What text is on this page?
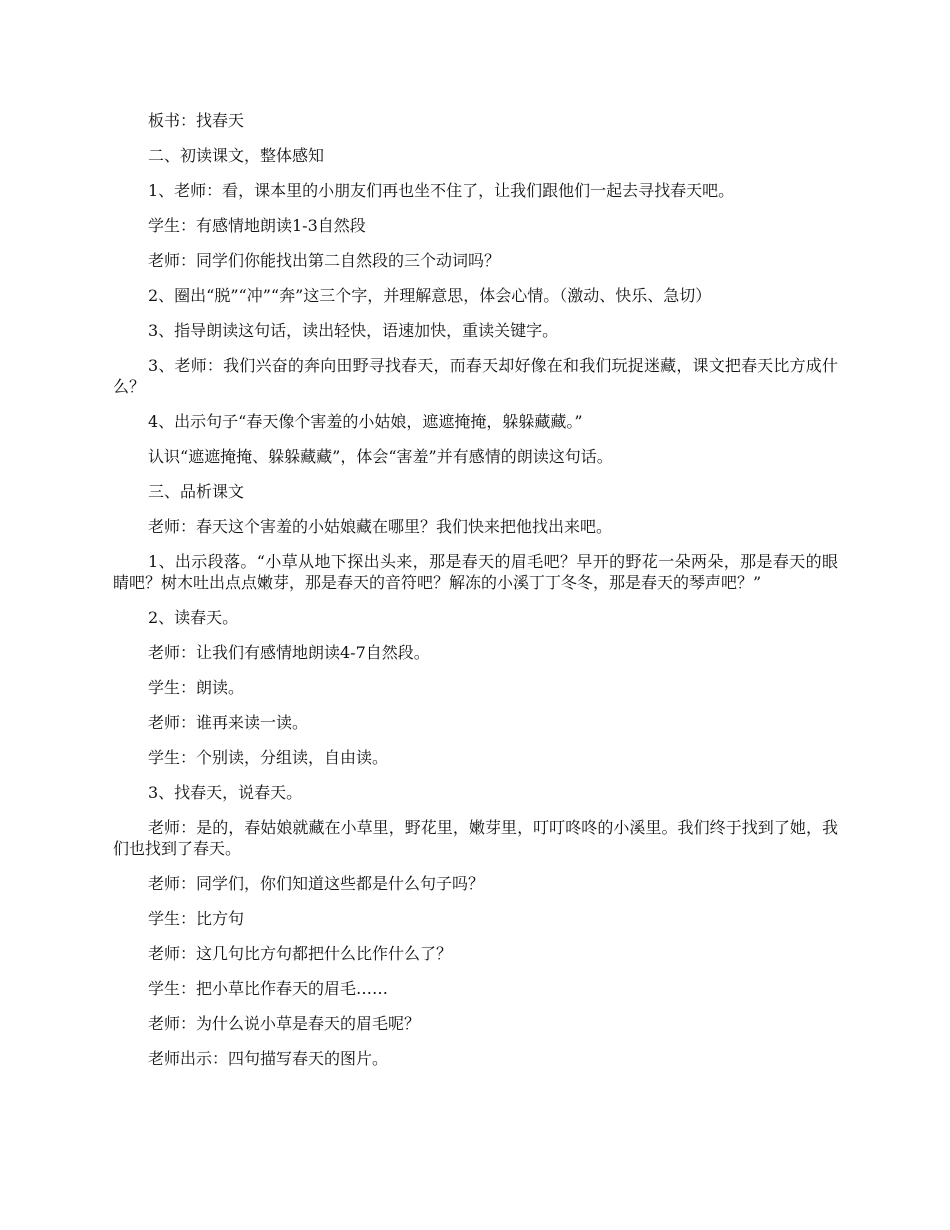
板书：找春天

二、初读课文，整体感知

1、老师：看，课本里的小朋友们再也坐不住了，让我们跟他们一起去寻找春天吧。

学生：有感情地朗读1-3自然段

老师：同学们你能找出第二自然段的三个动词吗？

2、圈出“脱”“冲”“奔”这三个字，并理解意思，体会心情。（激动、快乐、急切）

3、指导朗读这句话，读出轻快，语速加快，重读关键字。

3、老师：我们兴奋的奔向田野寻找春天，而春天却好像在和我们玩捉迷藏，课文把春天比方成什么？

4、出示句子“春天像个害羞的小姑娘，遮遮掩掩，躲躲藏藏。”

认识“遮遮掩掩、躲躲藏藏”，体会“害羞”并有感情的朗读这句话。

三、品析课文

老师：春天这个害羞的小姑娘藏在哪里？我们快来把他找出来吧。

1、出示段落。“小草从地下探出头来，那是春天的眉毛吧？早开的野花一朵两朵，那是春天的眼睛吧？树木吐出点点嫩芽，那是春天的音符吧？解冻的小溪丁丁冬冬，那是春天的琴声吧？”

2、读春天。

老师：让我们有感情地朗读4-7自然段。

学生：朗读。

老师：谁再来读一读。

学生：个别读，分组读，自由读。

3、找春天，说春天。

老师：是的，春姑娘就藏在小草里，野花里，嫩芽里，叮叮咚咚的小溪里。我们终于找到了她，我们也找到了春天。

老师：同学们，你们知道这些都是什么句子吗？

学生：比方句

老师：这几句比方句都把什么比作什么了？

学生：把小草比作春天的眉毛……

老师：为什么说小草是春天的眉毛呢？

老师出示：四句描写春天的图片。
